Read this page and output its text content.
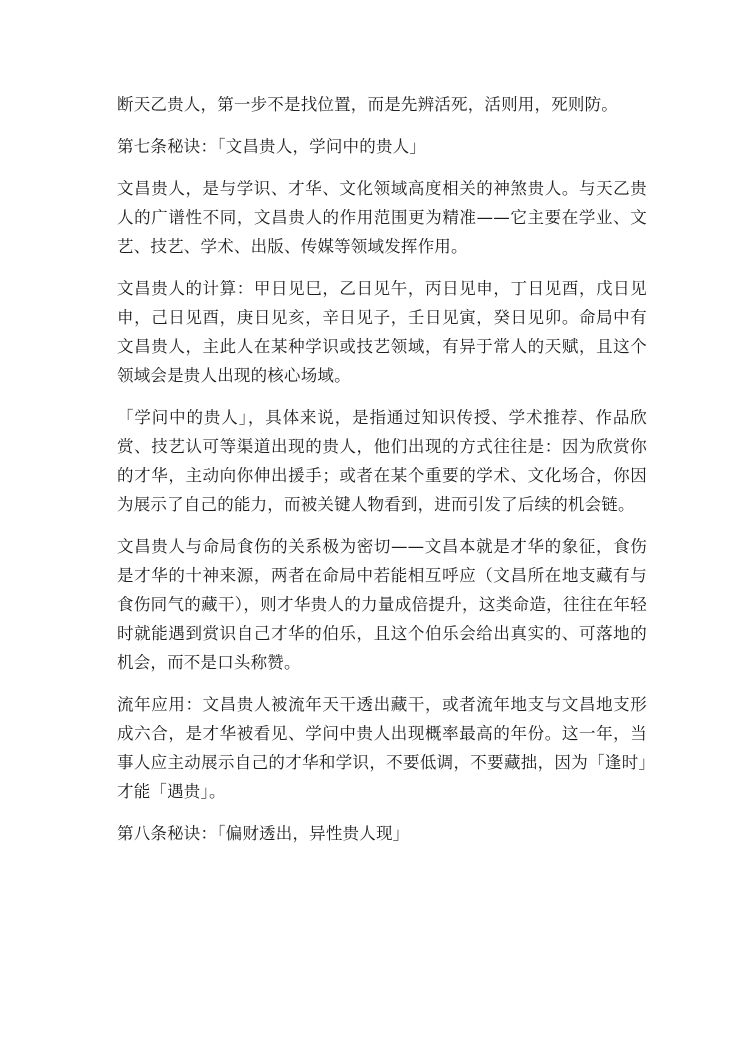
断天乙贵人，第一步不是找位置，而是先辨活死，活则用，死则防。

第七条秘诀：「文昌贵人，学问中的贵人」

文昌贵人，是与学识、才华、文化领域高度相关的神煞贵人。与天乙贵人的广谱性不同，文昌贵人的作用范围更为精准——它主要在学业、文艺、技艺、学术、出版、传媒等领域发挥作用。

文昌贵人的计算：甲日见巳，乙日见午，丙日见申，丁日见酉，戊日见申，己日见酉，庚日见亥，辛日见子，壬日见寅，癸日见卯。命局中有文昌贵人，主此人在某种学识或技艺领域，有异于常人的天赋，且这个领域会是贵人出现的核心场域。

「学问中的贵人」，具体来说，是指通过知识传授、学术推荐、作品欣赏、技艺认可等渠道出现的贵人，他们出现的方式往往是：因为欣赏你的才华，主动向你伸出援手；或者在某个重要的学术、文化场合，你因为展示了自己的能力，而被关键人物看到，进而引发了后续的机会链。

文昌贵人与命局食伤的关系极为密切——文昌本就是才华的象征，食伤是才华的十神来源，两者在命局中若能相互呼应（文昌所在地支藏有与食伤同气的藏干），则才华贵人的力量成倍提升，这类命造，往往在年轻时就能遇到赏识自己才华的伯乐，且这个伯乐会给出真实的、可落地的机会，而不是口头称赞。

流年应用：文昌贵人被流年天干透出藏干，或者流年地支与文昌地支形成六合，是才华被看见、学问中贵人出现概率最高的年份。这一年，当事人应主动展示自己的才华和学识，不要低调，不要藏拙，因为「逢时」才能「遇贵」。

第八条秘诀：「偏财透出，异性贵人现」
